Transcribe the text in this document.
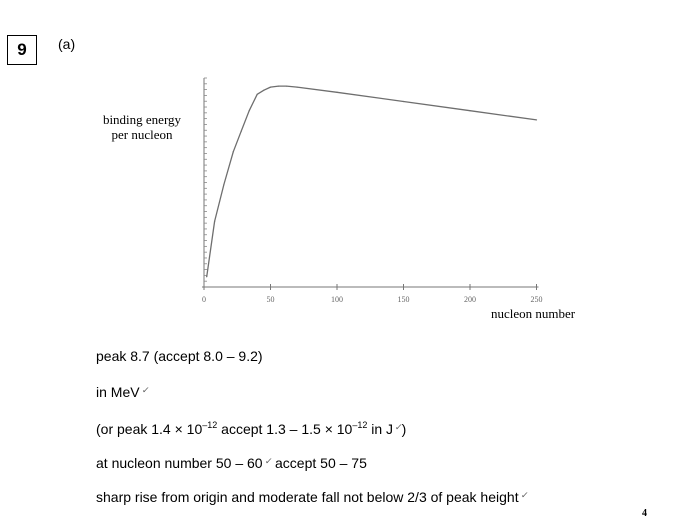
9 (a)
0	50	100	150	200	250
binding energy
per nucleon
nucleon number
peak 8.7 (accept 8.0 – 9.2)
in MeV✓
(or peak $1.4 \times 10^{-12}$ accept $1.3 - 1.5 \times 10^{-12}$ in J✓)
at nucleon number 50 – 60✓ accept 50 – 75
sharp rise from origin and moderate fall not below 2/3 of peak height✓
4
